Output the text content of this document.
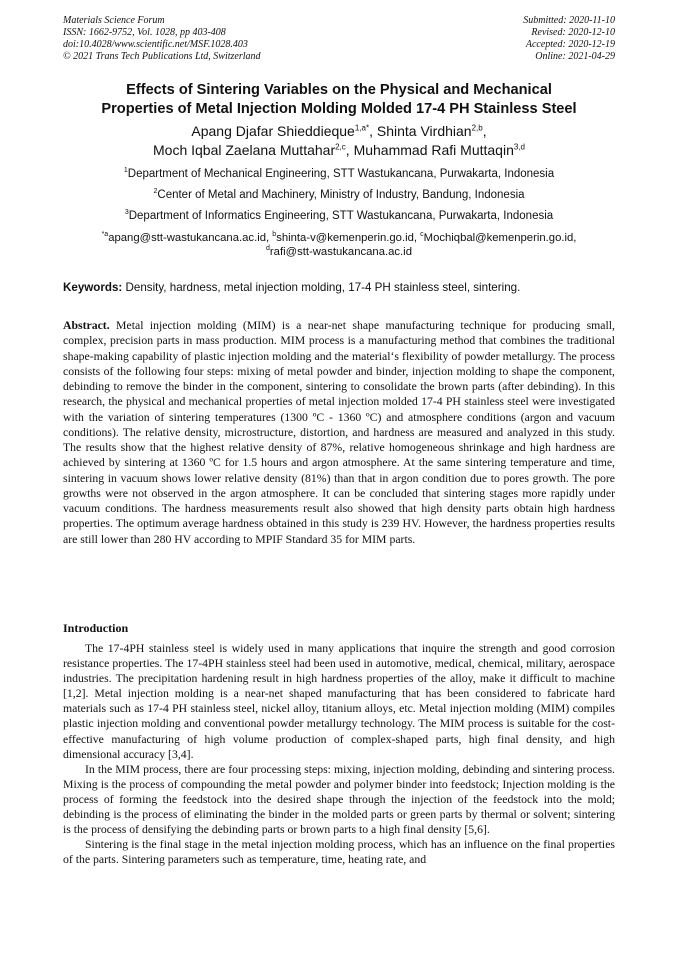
Materials Science Forum
ISSN: 1662-9752, Vol. 1028, pp 403-408
doi:10.4028/www.scientific.net/MSF.1028.403
© 2021 Trans Tech Publications Ltd, Switzerland
Submitted: 2020-11-10
Revised: 2020-12-10
Accepted: 2020-12-19
Online: 2021-04-29
Effects of Sintering Variables on the Physical and Mechanical
Properties of Metal Injection Molding Molded 17-4 PH Stainless Steel
Apang Djafar Shieddieque$^{1,a*}$, Shinta Virdhian$^{2,b}$,
Moch Iqbal Zaelana Muttahar$^{2,c}$, Muhammad Rafi Muttaqin$^{3,d}$
$^1$Department of Mechanical Engineering, STT Wastukancana, Purwakarta, Indonesia
$^2$Center of Metal and Machinery, Ministry of Industry, Bandung, Indonesia
$^3$Department of Informatics Engineering, STT Wastukancana, Purwakarta, Indonesia
$^{*a}$apang@stt-wastukancana.ac.id, $^b$shinta-v@kemenperin.go.id, $^c$Mochiqbal@kemenperin.go.id,
$^d$rafi@stt-wastukancana.ac.id
Keywords: Density, hardness, metal injection molding, 17-4 PH stainless steel, sintering.
Abstract. Metal injection molding (MIM) is a near-net shape manufacturing technique for producing small, complex, precision parts in mass production. MIM process is a manufacturing method that combines the traditional shape-making capability of plastic injection molding and the material‘s flexibility of powder metallurgy. The process consists of the following four steps: mixing of metal powder and binder, injection molding to shape the component, debinding to remove the binder in the component, sintering to consolidate the brown parts (after debinding). In this research, the physical and mechanical properties of metal injection molded 17-4 PH stainless steel were investigated with the variation of sintering temperatures (1300 ºC - 1360 ºC) and atmosphere conditions (argon and vacuum conditions). The relative density, microstructure, distortion, and hardness are measured and analyzed in this study. The results show that the highest relative density of 87%, relative homogeneous shrinkage and high hardness are achieved by sintering at 1360 ºC for 1.5 hours and argon atmosphere. At the same sintering temperature and time, sintering in vacuum shows lower relative density (81%) than that in argon condition due to pores growth. The pore growths were not observed in the argon atmosphere. It can be concluded that sintering stages more rapidly under vacuum conditions. The hardness measurements result also showed that high density parts obtain high hardness properties. The optimum average hardness obtained in this study is 239 HV. However, the hardness properties results are still lower than 280 HV according to MPIF Standard 35 for MIM parts.
Introduction

The 17-4PH stainless steel is widely used in many applications that inquire the strength and good corrosion resistance properties. The 17-4PH stainless steel had been used in automotive, medical, chemical, military, aerospace industries. The precipitation hardening result in high hardness properties of the alloy, make it difficult to machine [1,2]. Metal injection molding is a near-net shaped manufacturing that has been considered to fabricate hard materials such as 17-4 PH stainless steel, nickel alloy, titanium alloys, etc. Metal injection molding (MIM) compiles plastic injection molding and conventional powder metallurgy technology. The MIM process is suitable for the cost-effective manufacturing of high volume production of complex-shaped parts, high final density, and high dimensional accuracy [3,4].

In the MIM process, there are four processing steps: mixing, injection molding, debinding and sintering process. Mixing is the process of compounding the metal powder and polymer binder into feedstock; Injection molding is the process of forming the feedstock into the desired shape through the injection of the feedstock into the mold; debinding is the process of eliminating the binder in the molded parts or green parts by thermal or solvent; sintering is the process of densifying the debinding parts or brown parts to a high final density [5,6].

Sintering is the final stage in the metal injection molding process, which has an influence on the final properties of the parts. Sintering parameters such as temperature, time, heating rate, and
